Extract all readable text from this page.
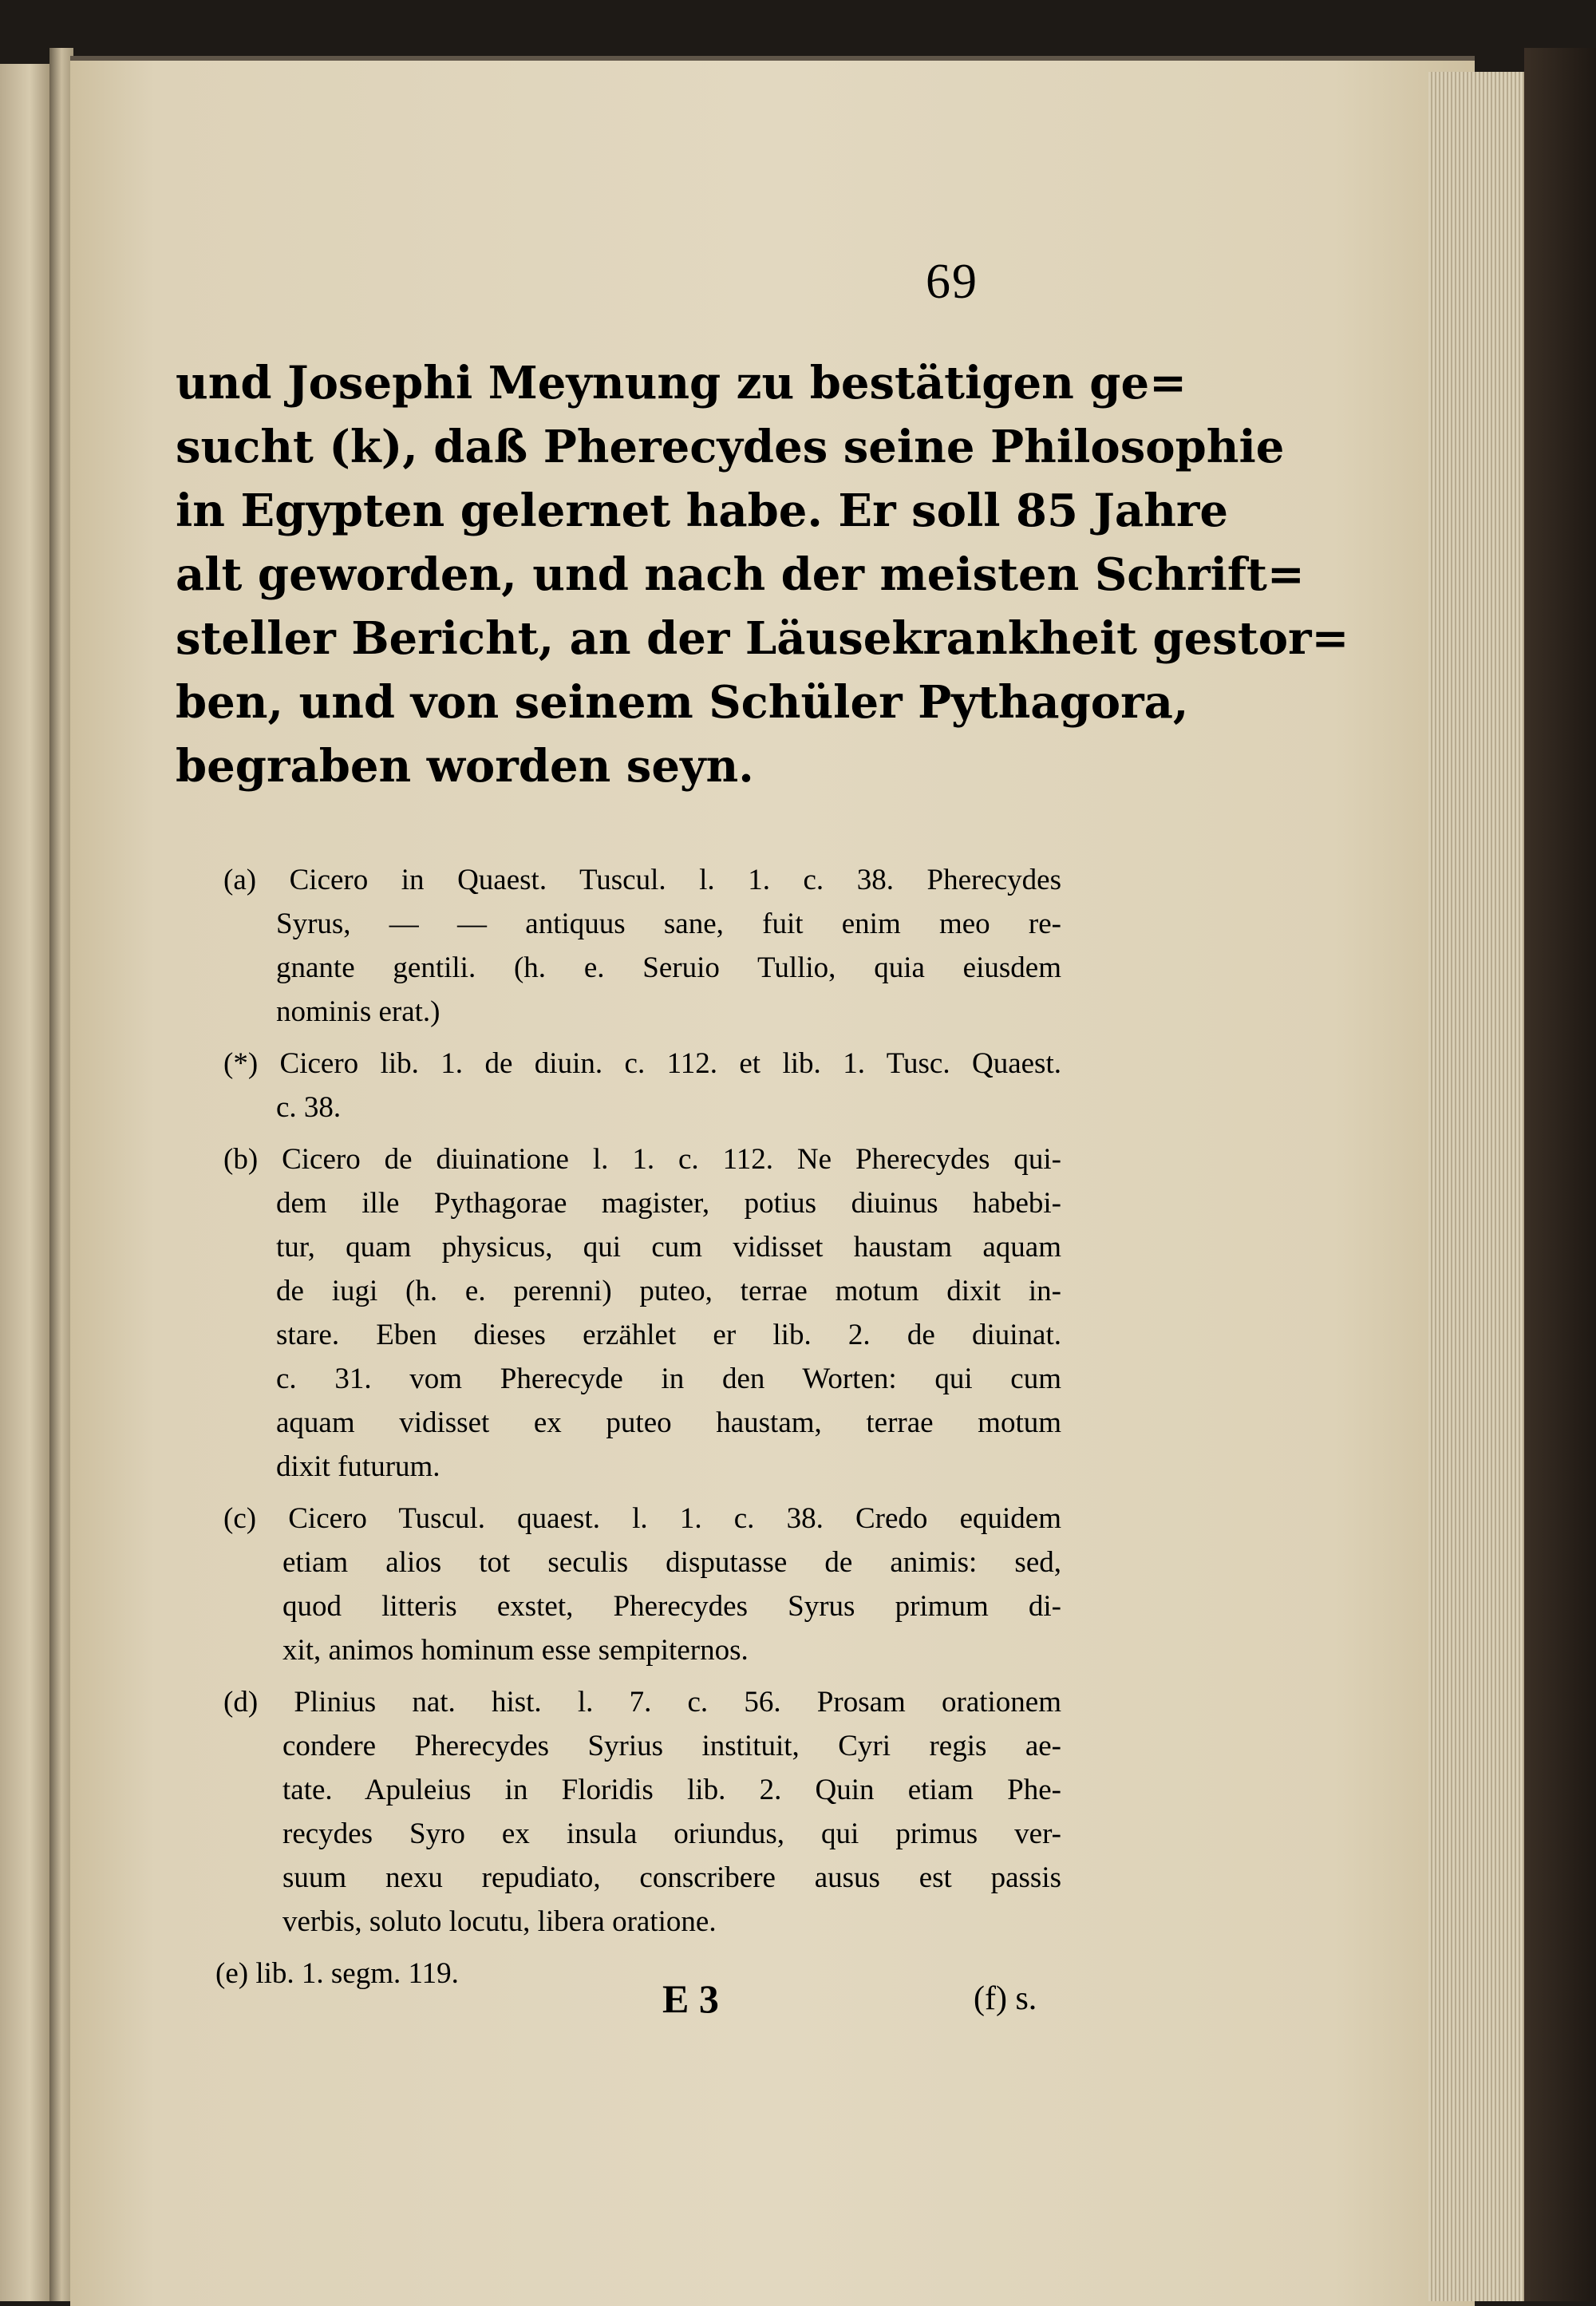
69
und Josephi Meynung zu bestätigen ge=
sucht (k), daß Pherecydes seine Philosophie
in Egypten gelernet habe. Er soll 85 Jahre
alt geworden, und nach der meisten Schrift=
steller Bericht, an der Läusekrankheit gestor=
ben, und von seinem Schüler Pythagora,
begraben worden seyn.
(a) Cicero in Quaest. Tuscul. l. 1. c. 38. Pherecydes
Syrus, — — antiquus sane, fuit enim meo re-
gnante gentili. (h. e. Seruio Tullio, quia eiusdem
nominis erat.)
(*) Cicero lib. 1. de diuin. c. 112. et lib. 1. Tusc. Quaest.
c. 38.
(b) Cicero de diuinatione l. 1. c. 112. Ne Pherecydes qui-
dem ille Pythagorae magister, potius diuinus habebi-
tur, quam physicus, qui cum vidisset haustam aquam
de iugi (h. e. perenni) puteo, terrae motum dixit in-
stare. Eben dieses erzählet er lib. 2. de diuinat.
c. 31. vom Pherecyde in den Worten: qui cum
aquam vidisset ex puteo haustam, terrae motum
dixit futurum.
(c) Cicero Tuscul. quaest. l. 1. c. 38. Credo equidem
etiam alios tot seculis disputasse de animis: sed,
quod litteris exstet, Pherecydes Syrus primum di-
xit, animos hominum esse sempiternos.
(d) Plinius nat. hist. l. 7. c. 56. Prosam orationem
condere Pherecydes Syrius instituit, Cyri regis ae-
tate. Apuleius in Floridis lib. 2. Quin etiam Phe-
recydes Syro ex insula oriundus, qui primus ver-
suum nexu repudiato, conscribere ausus est passis
verbis, soluto locutu, libera oratione.
(e) lib. 1. segm. 119.
E 3	(f) s.
